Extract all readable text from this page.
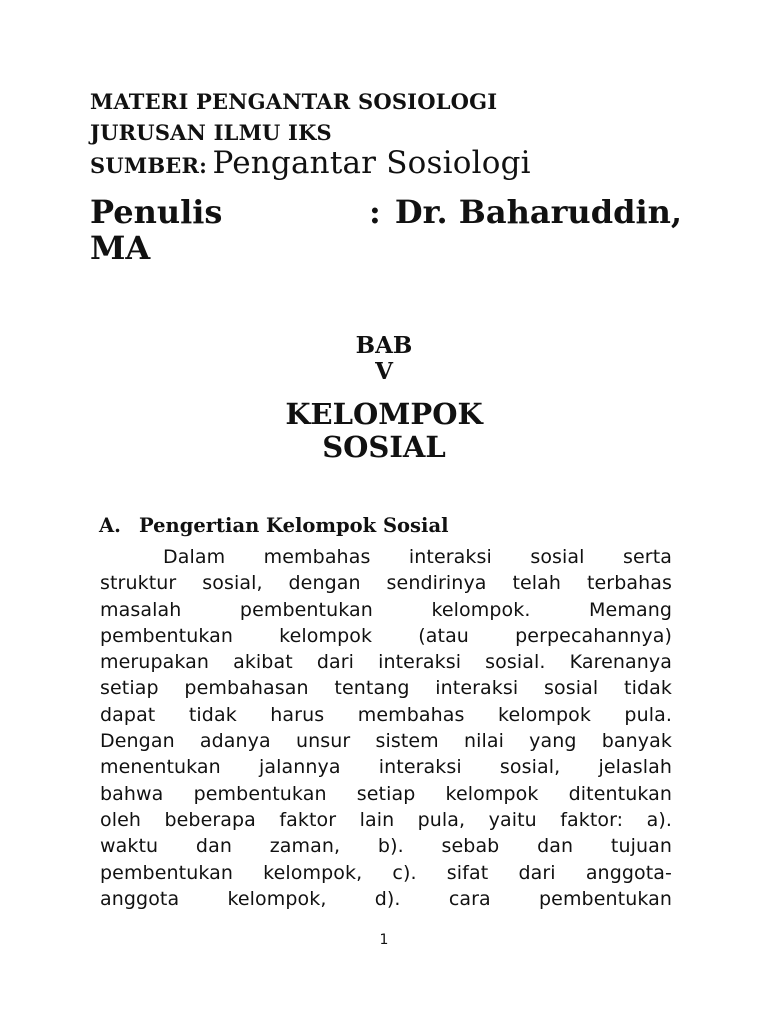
MATERI PENGANTAR SOSIOLOGI
JURUSAN ILMU IKS
SUMBER: Pengantar Sosiologi
Penulis	: Dr. Baharuddin,
MA
BAB
V
KELOMPOK
SOSIAL
A. Pengertian Kelompok Sosial
Dalam membahas interaksi sosial serta
struktur sosial, dengan sendirinya telah terbahas
masalah pembentukan kelompok. Memang
pembentukan kelompok (atau perpecahannya)
merupakan akibat dari interaksi sosial. Karenanya
setiap pembahasan tentang interaksi sosial tidak
dapat tidak harus membahas kelompok pula.
Dengan adanya unsur sistem nilai yang banyak
menentukan jalannya interaksi sosial, jelaslah
bahwa pembentukan setiap kelompok ditentukan
oleh beberapa faktor lain pula, yaitu faktor: a).
waktu dan zaman, b). sebab dan tujuan
pembentukan kelompok, c). sifat dari anggota-
anggota kelompok, d). cara pembentukan
1
